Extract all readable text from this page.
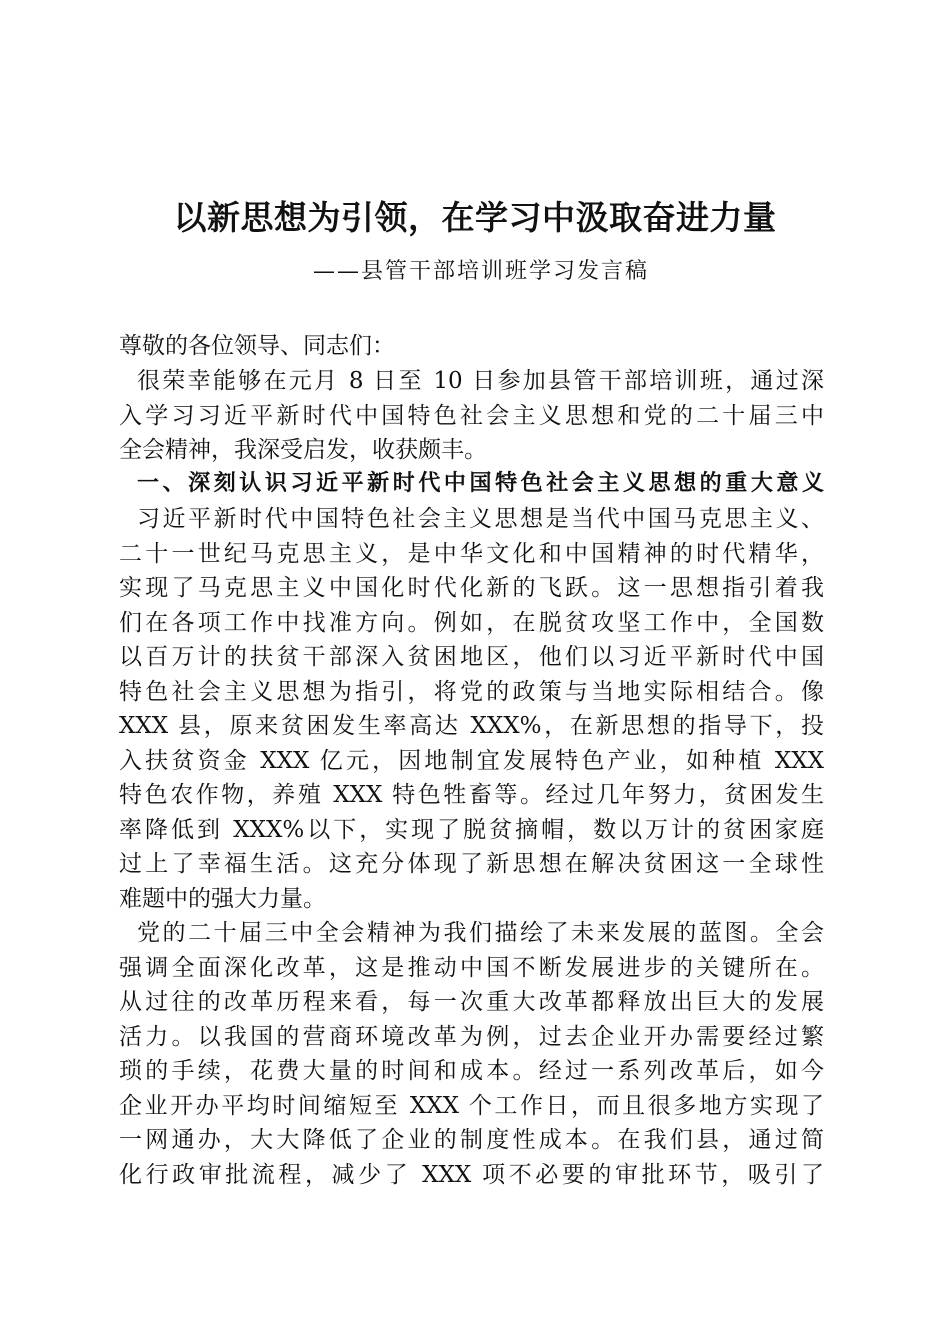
以新思想为引领，在学习中汲取奋进力量
——县管干部培训班学习发言稿
尊敬的各位领导、同志们：
很荣幸能够在元月 8 日至 10 日参加县管干部培训班，通过深
入学习习近平新时代中国特色社会主义思想和党的二十届三中
全会精神，我深受启发，收获颇丰。
一、深刻认识习近平新时代中国特色社会主义思想的重大意义
习近平新时代中国特色社会主义思想是当代中国马克思主义、
二十一世纪马克思主义，是中华文化和中国精神的时代精华，
实现了马克思主义中国化时代化新的飞跃。这一思想指引着我
们在各项工作中找准方向。例如，在脱贫攻坚工作中，全国数
以百万计的扶贫干部深入贫困地区，他们以习近平新时代中国
特色社会主义思想为指引，将党的政策与当地实际相结合。像
XXX 县，原来贫困发生率高达 XXX%，在新思想的指导下，投
入扶贫资金 XXX 亿元，因地制宜发展特色产业，如种植 XXX
特色农作物，养殖 XXX 特色牲畜等。经过几年努力，贫困发生
率降低到 XXX%以下，实现了脱贫摘帽，数以万计的贫困家庭
过上了幸福生活。这充分体现了新思想在解决贫困这一全球性
难题中的强大力量。
党的二十届三中全会精神为我们描绘了未来发展的蓝图。全会
强调全面深化改革，这是推动中国不断发展进步的关键所在。
从过往的改革历程来看，每一次重大改革都释放出巨大的发展
活力。以我国的营商环境改革为例，过去企业开办需要经过繁
琐的手续，花费大量的时间和成本。经过一系列改革后，如今
企业开办平均时间缩短至 XXX 个工作日，而且很多地方实现了
一网通办，大大降低了企业的制度性成本。在我们县，通过简
化行政审批流程，减少了 XXX 项不必要的审批环节，吸引了
